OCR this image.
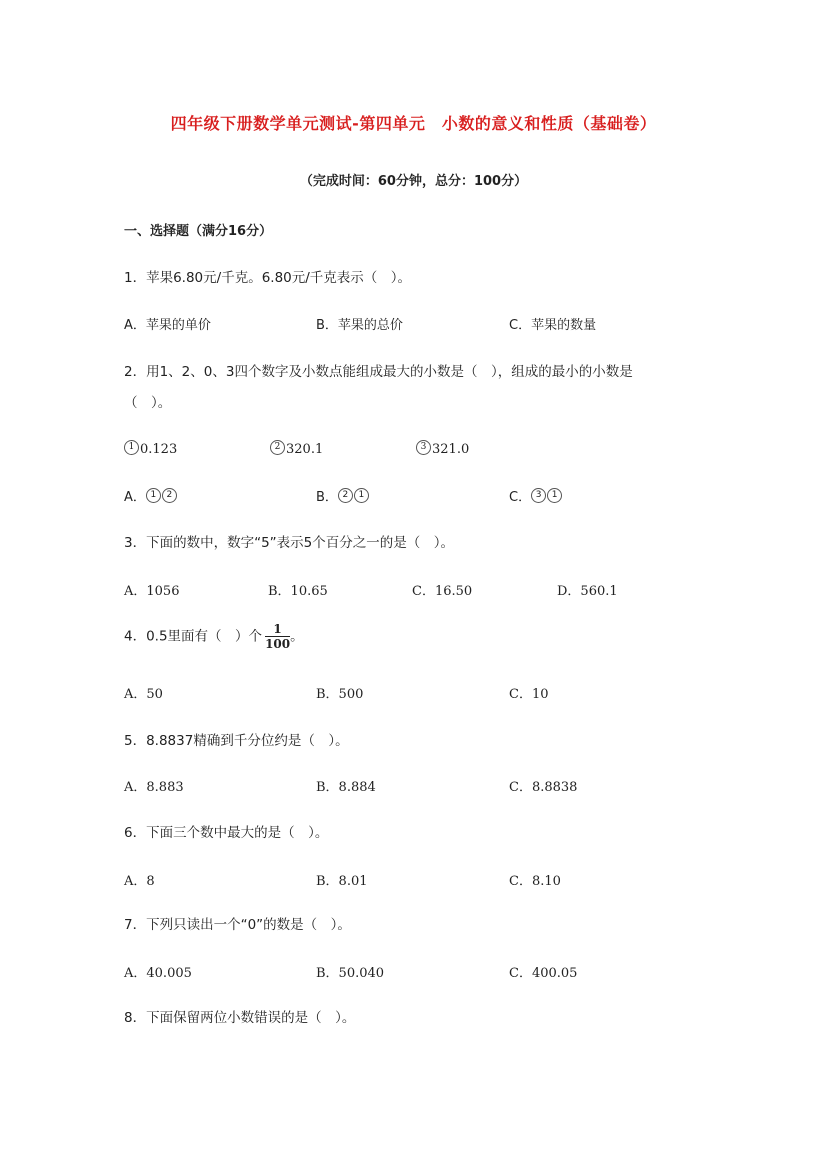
四年级下册数学单元测试-第四单元　小数的意义和性质（基础卷）
（完成时间：60分钟，总分：100分）
一、选择题（满分16分）
1．苹果6.80元/千克。6.80元/千克表示（　）。
A．苹果的单价	B．苹果的总价	C．苹果的数量
2．用1、2、0、3四个数字及小数点能组成最大的小数是（　），组成的最小的小数是
（　）。
1 0.123	2 320.1	3 321.0
A． 1 2	B． 2 1	C． 3 1
3．下面的数中，数字“5”表示5个百分之一的是（　）。
A．1056	B．10.65	C．16.50	D．560.1
4．0.5里面有（　）个 $\frac{1}{100}$ 。
A．50	B．500	C．10
5．8.8837精确到千分位约是（　）。
A．8.883	B．8.884	C．8.8838
6．下面三个数中最大的是（　）。
A．8	B．8.01	C．8.10
7．下列只读出一个“0”的数是（　）。
A．40.005	B．50.040	C．400.05
8．下面保留两位小数错误的是（　）。
